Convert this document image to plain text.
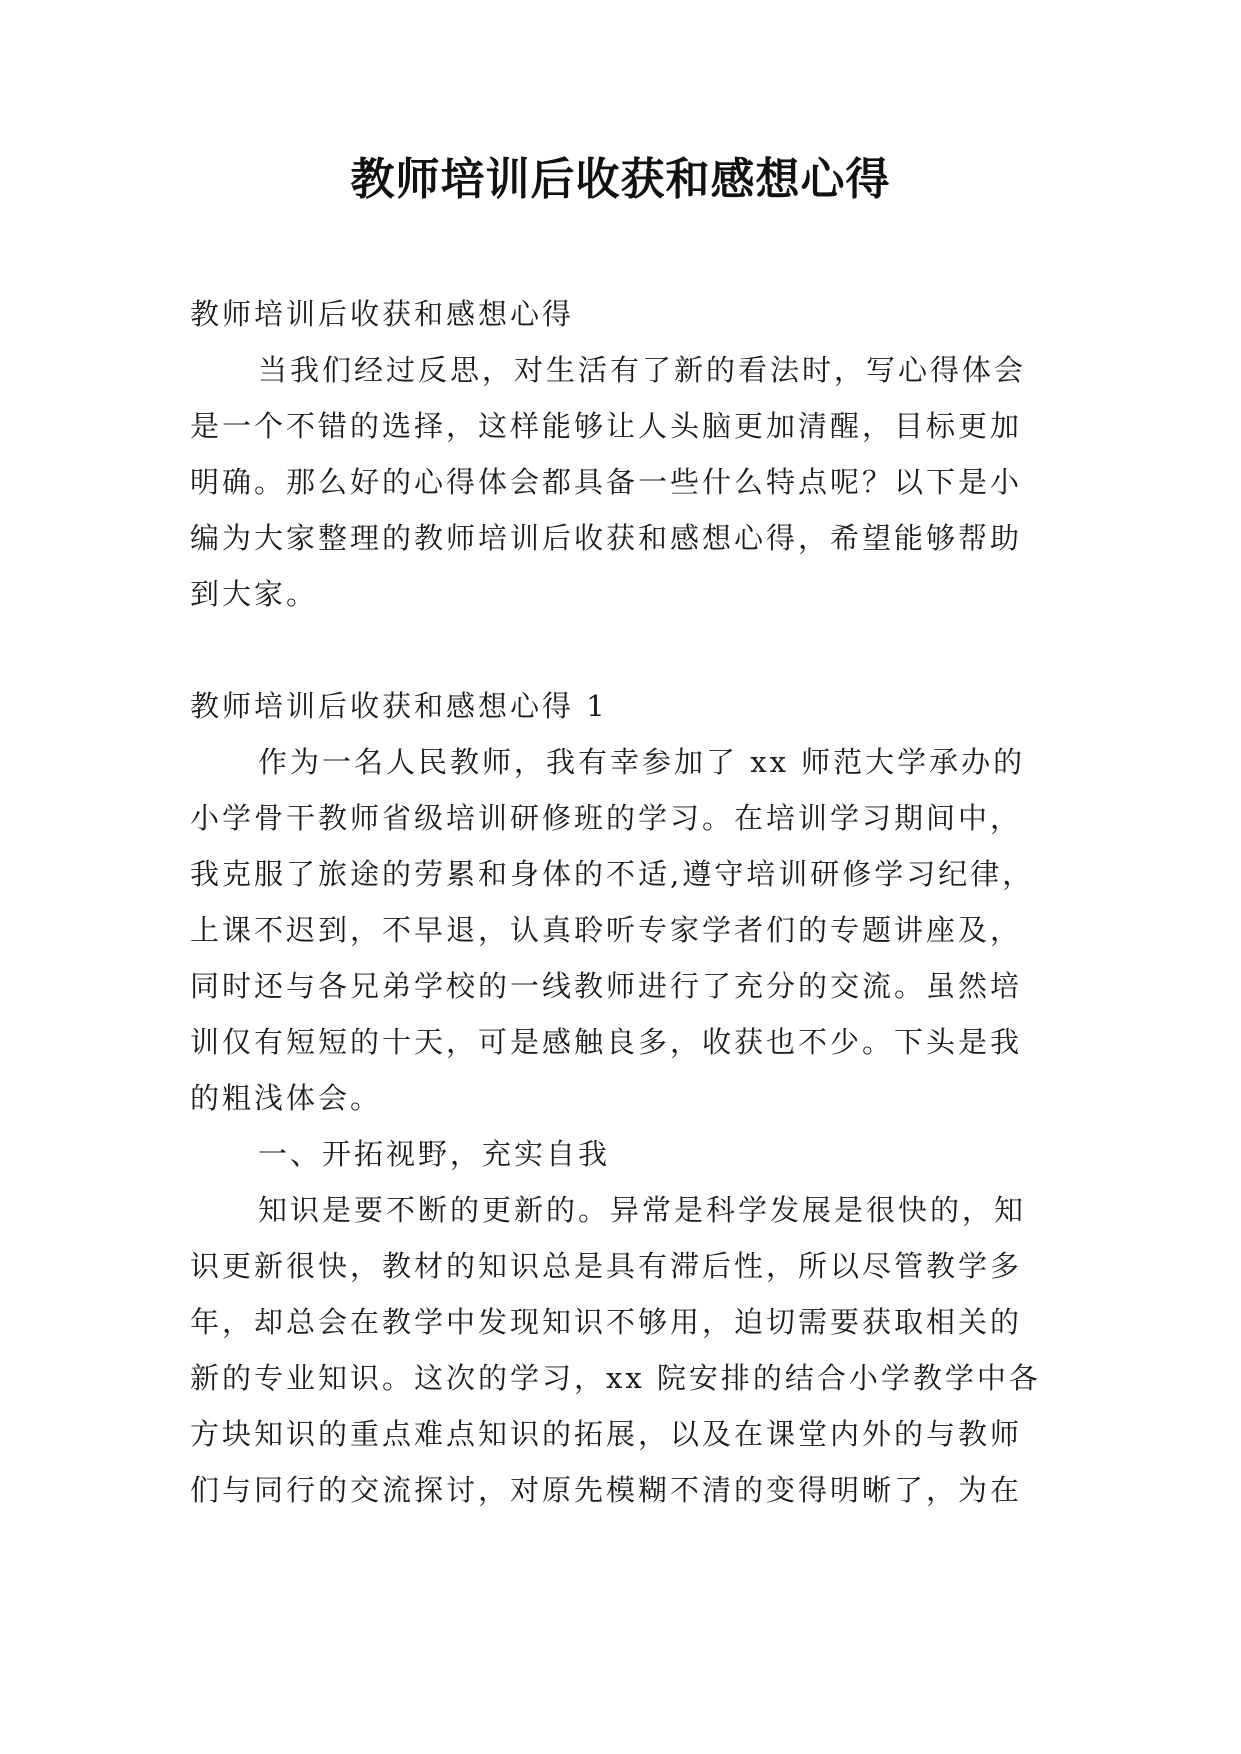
教师培训后收获和感想心得
教师培训后收获和感想心得
当我们经过反思，对生活有了新的看法时，写心得体会
是一个不错的选择，这样能够让人头脑更加清醒，目标更加
明确。那么好的心得体会都具备一些什么特点呢？以下是小
编为大家整理的教师培训后收获和感想心得，希望能够帮助
到大家。
教师培训后收获和感想心得 1
作为一名人民教师，我有幸参加了 xx 师范大学承办的
小学骨干教师省级培训研修班的学习。在培训学习期间中，
我克服了旅途的劳累和身体的不适,遵守培训研修学习纪律，
上课不迟到，不早退，认真聆听专家学者们的专题讲座及，
同时还与各兄弟学校的一线教师进行了充分的交流。虽然培
训仅有短短的十天，可是感触良多，收获也不少。下头是我
的粗浅体会。
一、开拓视野，充实自我
知识是要不断的更新的。异常是科学发展是很快的，知
识更新很快，教材的知识总是具有滞后性，所以尽管教学多
年，却总会在教学中发现知识不够用，迫切需要获取相关的
新的专业知识。这次的学习，xx 院安排的结合小学教学中各
方块知识的重点难点知识的拓展，以及在课堂内外的与教师
们与同行的交流探讨，对原先模糊不清的变得明晰了，为在
